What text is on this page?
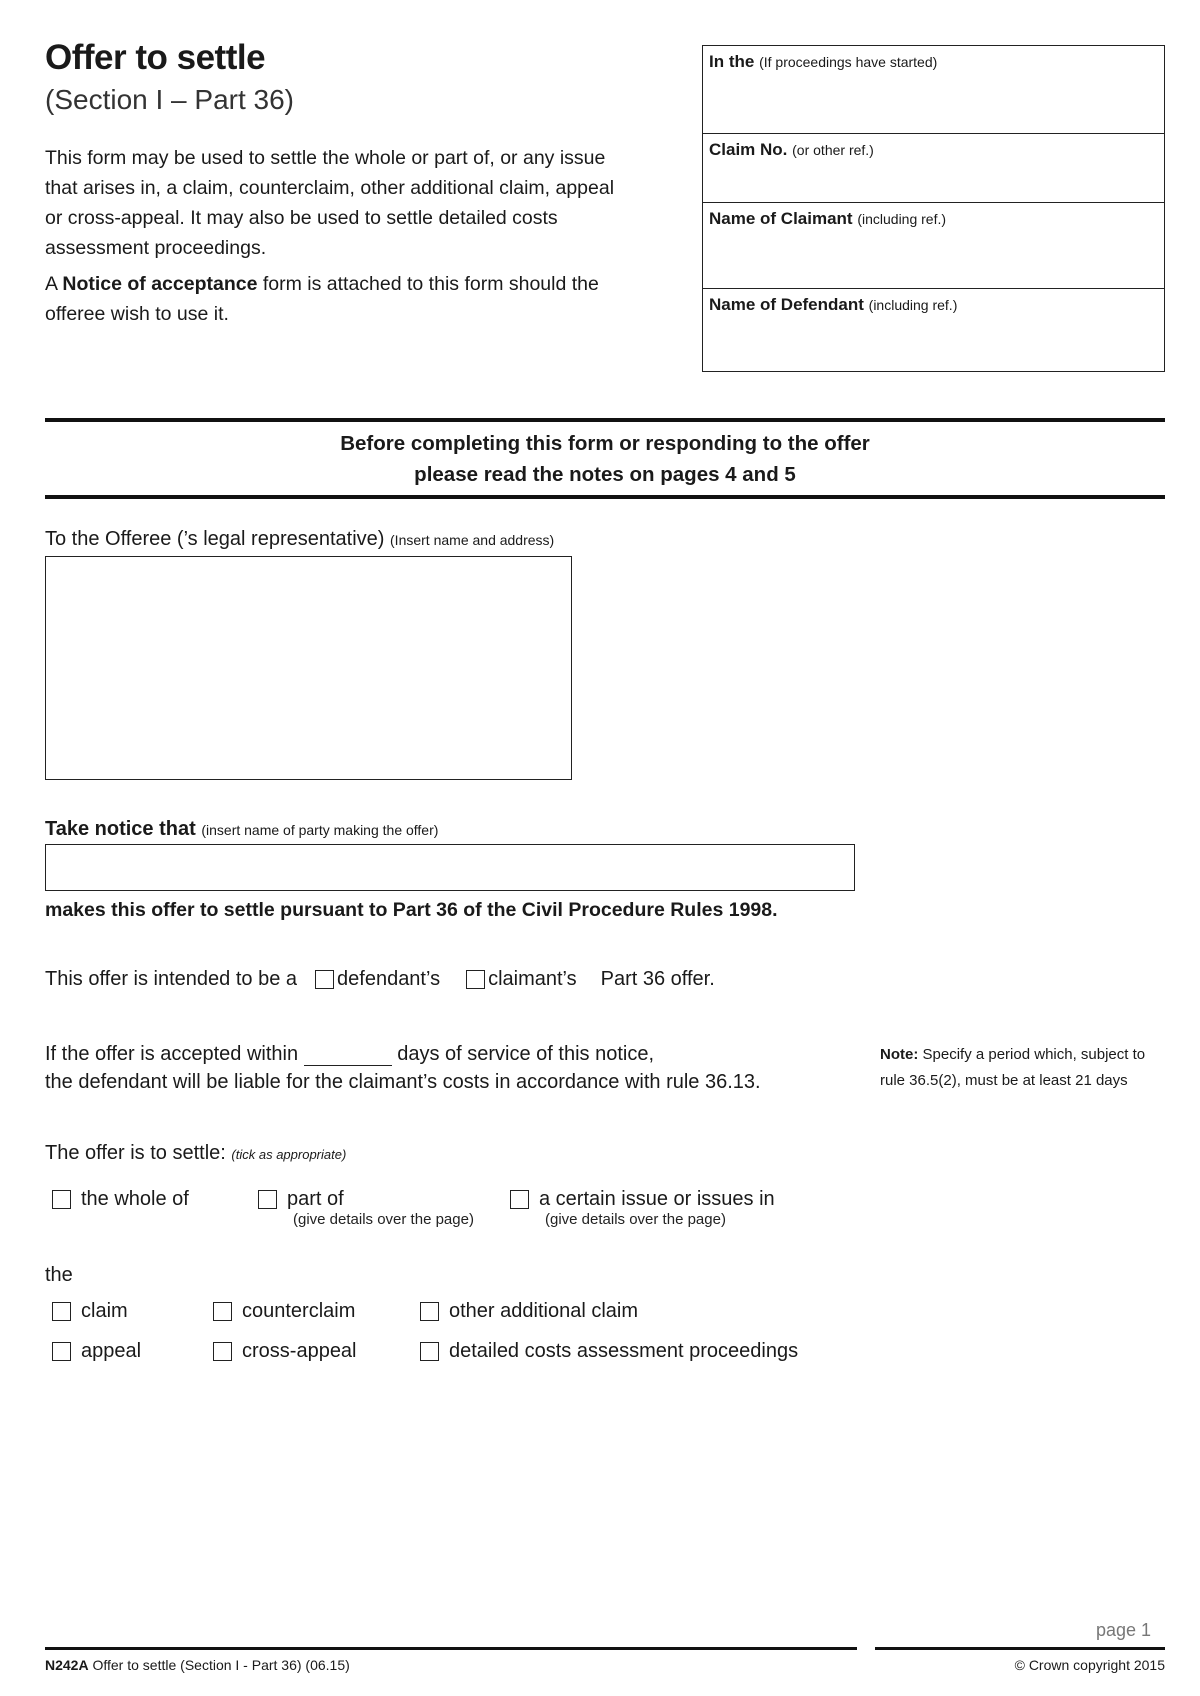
Offer to settle
(Section I – Part 36)

This form may be used to settle the whole or part of, or any issue that arises in, a claim, counterclaim, other additional claim, appeal or cross-appeal. It may also be used to settle detailed costs assessment proceedings.

A Notice of acceptance form is attached to this form should the offeree wish to use it.

In the (If proceedings have started)
Claim No. (or other ref.)
Name of Claimant (including ref.)
Name of Defendant (including ref.)
Before completing this form or responding to the offer
please read the notes on pages 4 and 5
To the Offeree (’s legal representative) (Insert name and address)
Take notice that (insert name of party making the offer)
makes this offer to settle pursuant to Part 36 of the Civil Procedure Rules 1998.
This offer is intended to be a defendant’s claimant’s Part 36 offer.
If the offer is accepted within	days of service of this notice,
the defendant will be liable for the claimant’s costs in accordance with rule 36.13.
Note: Specify a period which, subject to rule 36.5(2), must be at least 21 days
The offer is to settle: (tick as appropriate)
the whole of	part of
(give details over the page)
a certain issue or issues in
(give details over the page)
the
claim	counterclaim	other additional claim
appeal	cross-appeal	detailed costs assessment proceedings
page 1
N242A Offer to settle (Section I - Part 36) (06.15)	© Crown copyright 2015
